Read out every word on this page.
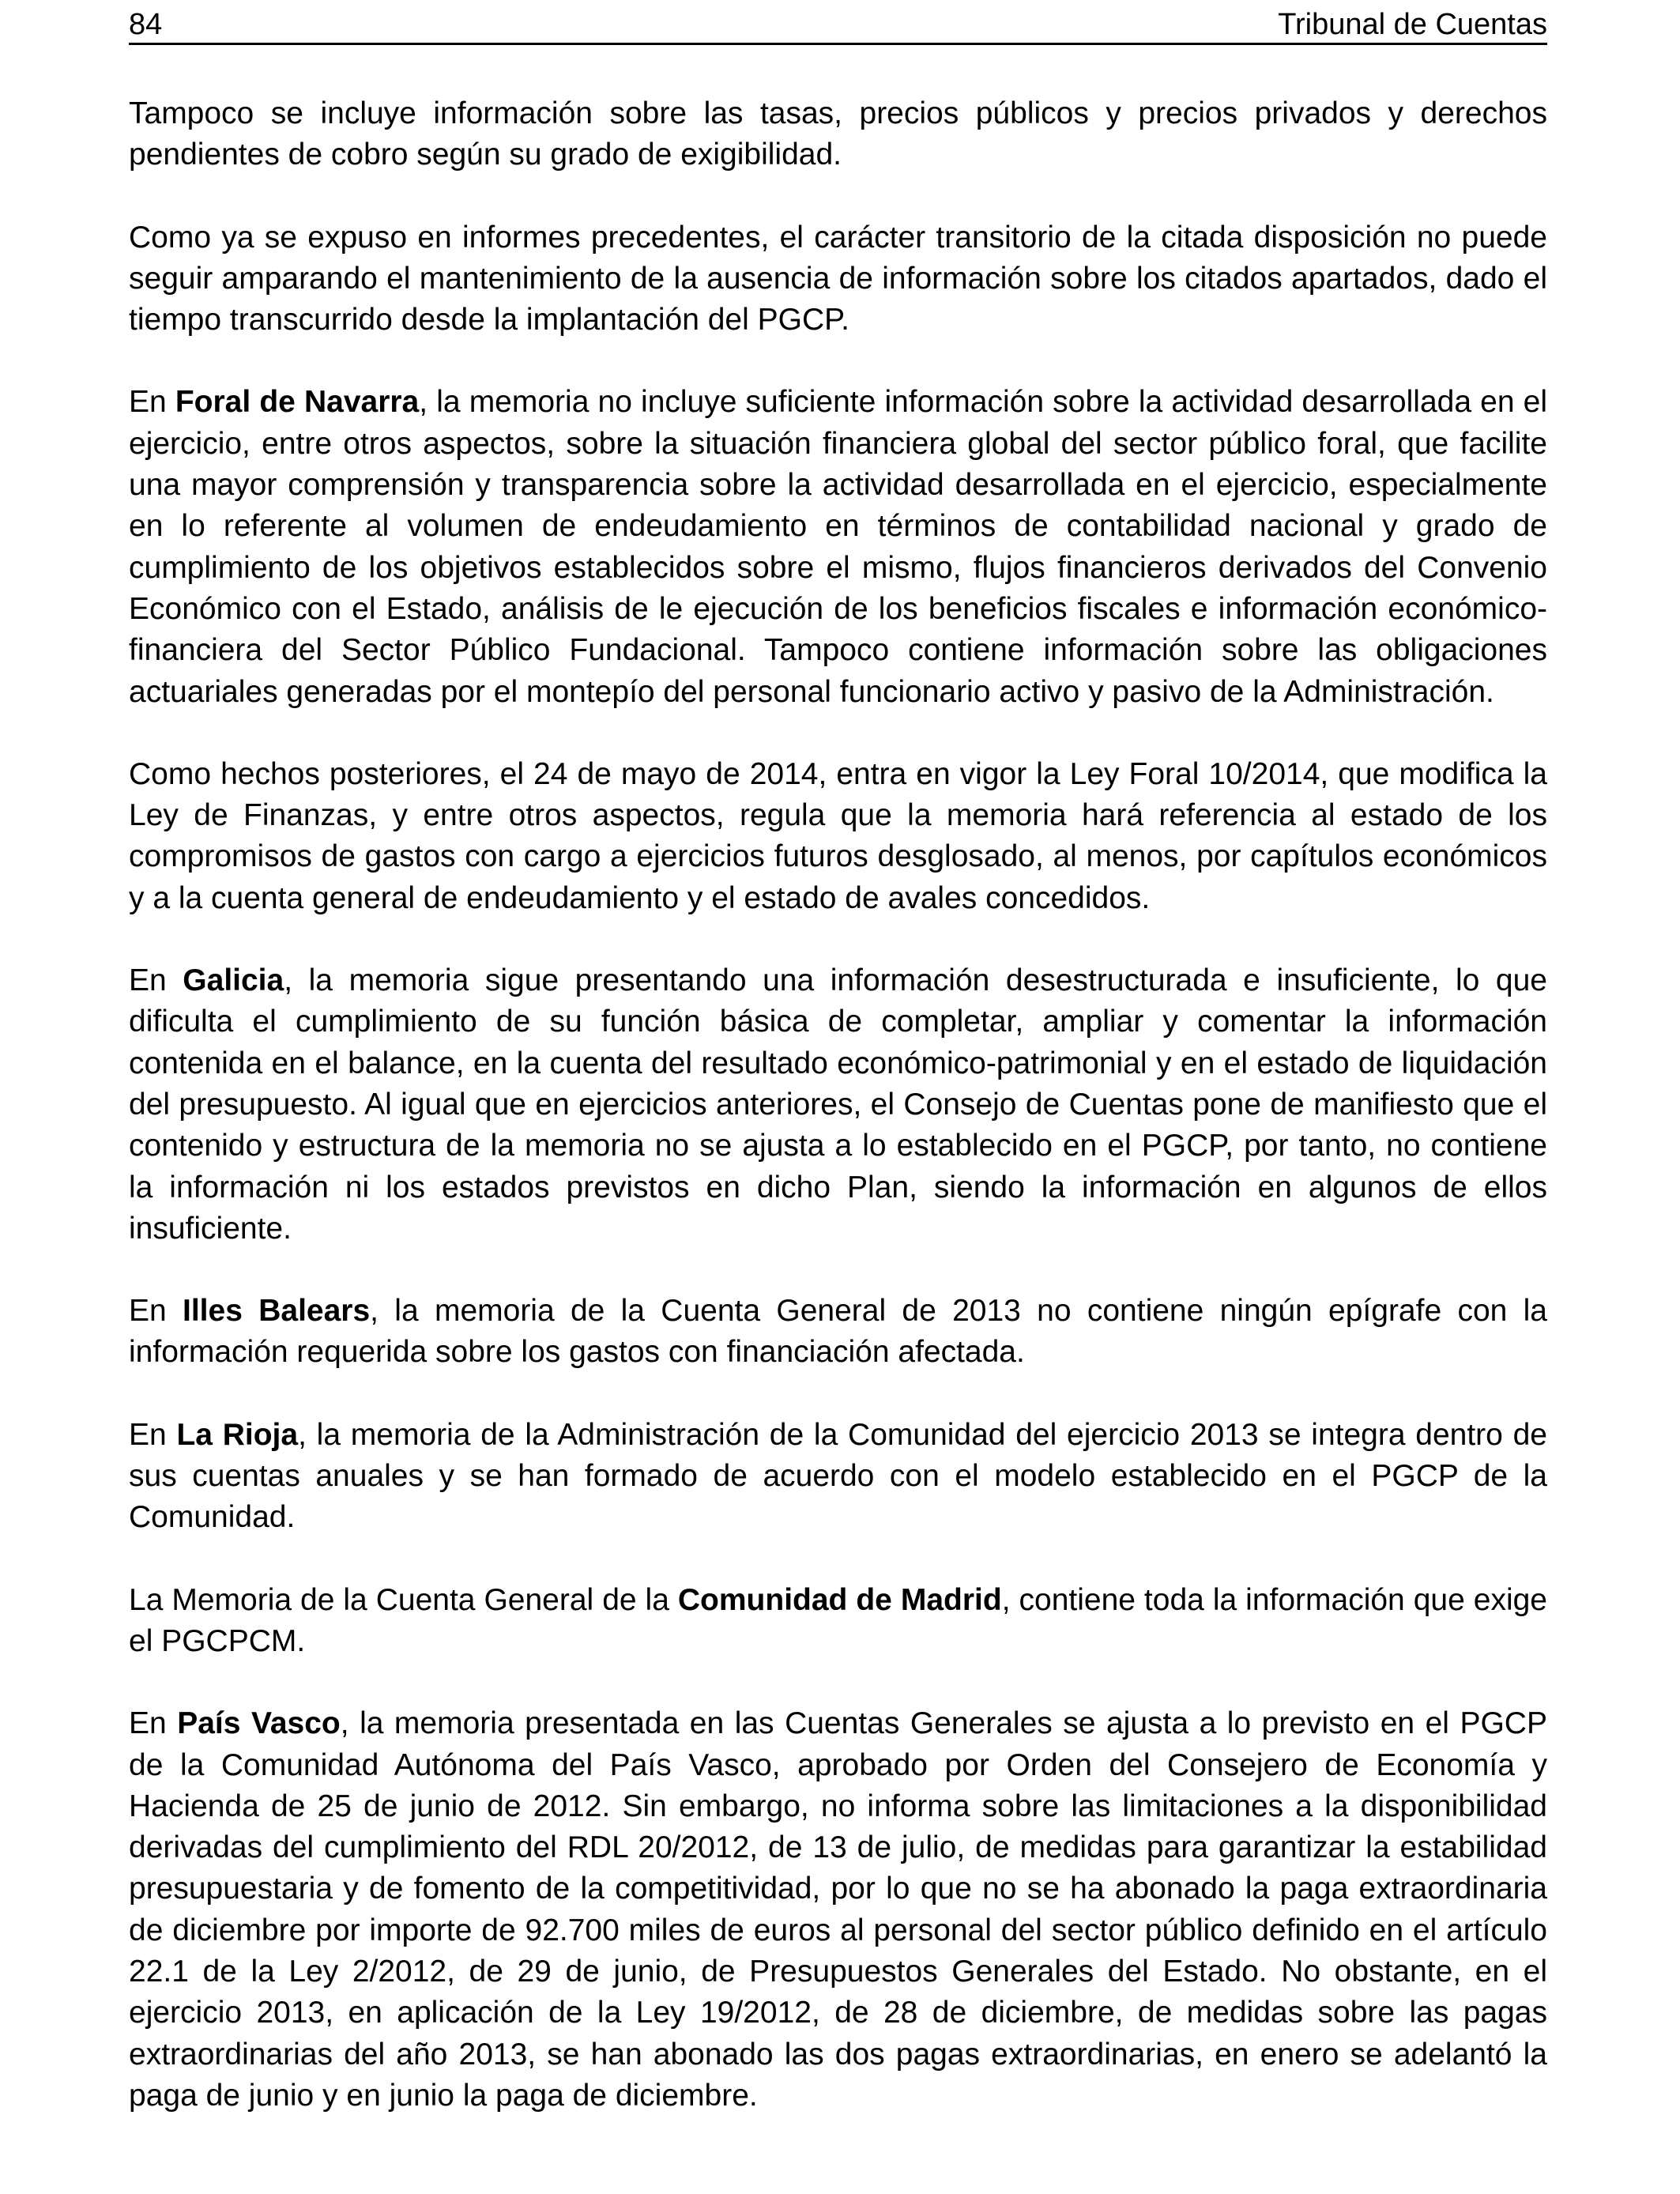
84	Tribunal de Cuentas

Tampoco se incluye información sobre las tasas, precios públicos y precios privados y derechos pendientes de cobro según su grado de exigibilidad.

Como ya se expuso en informes precedentes, el carácter transitorio de la citada disposición no puede seguir amparando el mantenimiento de la ausencia de información sobre los citados apartados, dado el tiempo transcurrido desde la implantación del PGCP.

En Foral de Navarra, la memoria no incluye suficiente información sobre la actividad desarrollada en el ejercicio, entre otros aspectos, sobre la situación financiera global del sector público foral, que facilite una mayor comprensión y transparencia sobre la actividad desarrollada en el ejercicio, especialmente en lo referente al volumen de endeudamiento en términos de contabilidad nacional y grado de cumplimiento de los objetivos establecidos sobre el mismo, flujos financieros derivados del Convenio Económico con el Estado, análisis de le ejecución de los beneficios fiscales e información económico-financiera del Sector Público Fundacional. Tampoco contiene información sobre las obligaciones actuariales generadas por el montepío del personal funcionario activo y pasivo de la Administración.

Como hechos posteriores, el 24 de mayo de 2014, entra en vigor la Ley Foral 10/2014, que modifica la Ley de Finanzas, y entre otros aspectos, regula que la memoria hará referencia al estado de los compromisos de gastos con cargo a ejercicios futuros desglosado, al menos, por capítulos económicos y a la cuenta general de endeudamiento y el estado de avales concedidos.

En Galicia, la memoria sigue presentando una información desestructurada e insuficiente, lo que dificulta el cumplimiento de su función básica de completar, ampliar y comentar la información contenida en el balance, en la cuenta del resultado económico-patrimonial y en el estado de liquidación del presupuesto. Al igual que en ejercicios anteriores, el Consejo de Cuentas pone de manifiesto que el contenido y estructura de la memoria no se ajusta a lo establecido en el PGCP, por tanto, no contiene la información ni los estados previstos en dicho Plan, siendo la información en algunos de ellos insuficiente.

En Illes Balears, la memoria de la Cuenta General de 2013 no contiene ningún epígrafe con la información requerida sobre los gastos con financiación afectada.

En La Rioja, la memoria de la Administración de la Comunidad del ejercicio 2013 se integra dentro de sus cuentas anuales y se han formado de acuerdo con el modelo establecido en el PGCP de la Comunidad.

La Memoria de la Cuenta General de la Comunidad de Madrid, contiene toda la información que exige el PGCPCM.

En País Vasco, la memoria presentada en las Cuentas Generales se ajusta a lo previsto en el PGCP de la Comunidad Autónoma del País Vasco, aprobado por Orden del Consejero de Economía y Hacienda de 25 de junio de 2012. Sin embargo, no informa sobre las limitaciones a la disponibilidad derivadas del cumplimiento del RDL 20/2012, de 13 de julio, de medidas para garantizar la estabilidad presupuestaria y de fomento de la competitividad, por lo que no se ha abonado la paga extraordinaria de diciembre por importe de 92.700 miles de euros al personal del sector público definido en el artículo 22.1 de la Ley 2/2012, de 29 de junio, de Presupuestos Generales del Estado. No obstante, en el ejercicio 2013, en aplicación de la Ley 19/2012, de 28 de diciembre, de medidas sobre las pagas extraordinarias del año 2013, se han abonado las dos pagas extraordinarias, en enero se adelantó la paga de junio y en junio la paga de diciembre.
